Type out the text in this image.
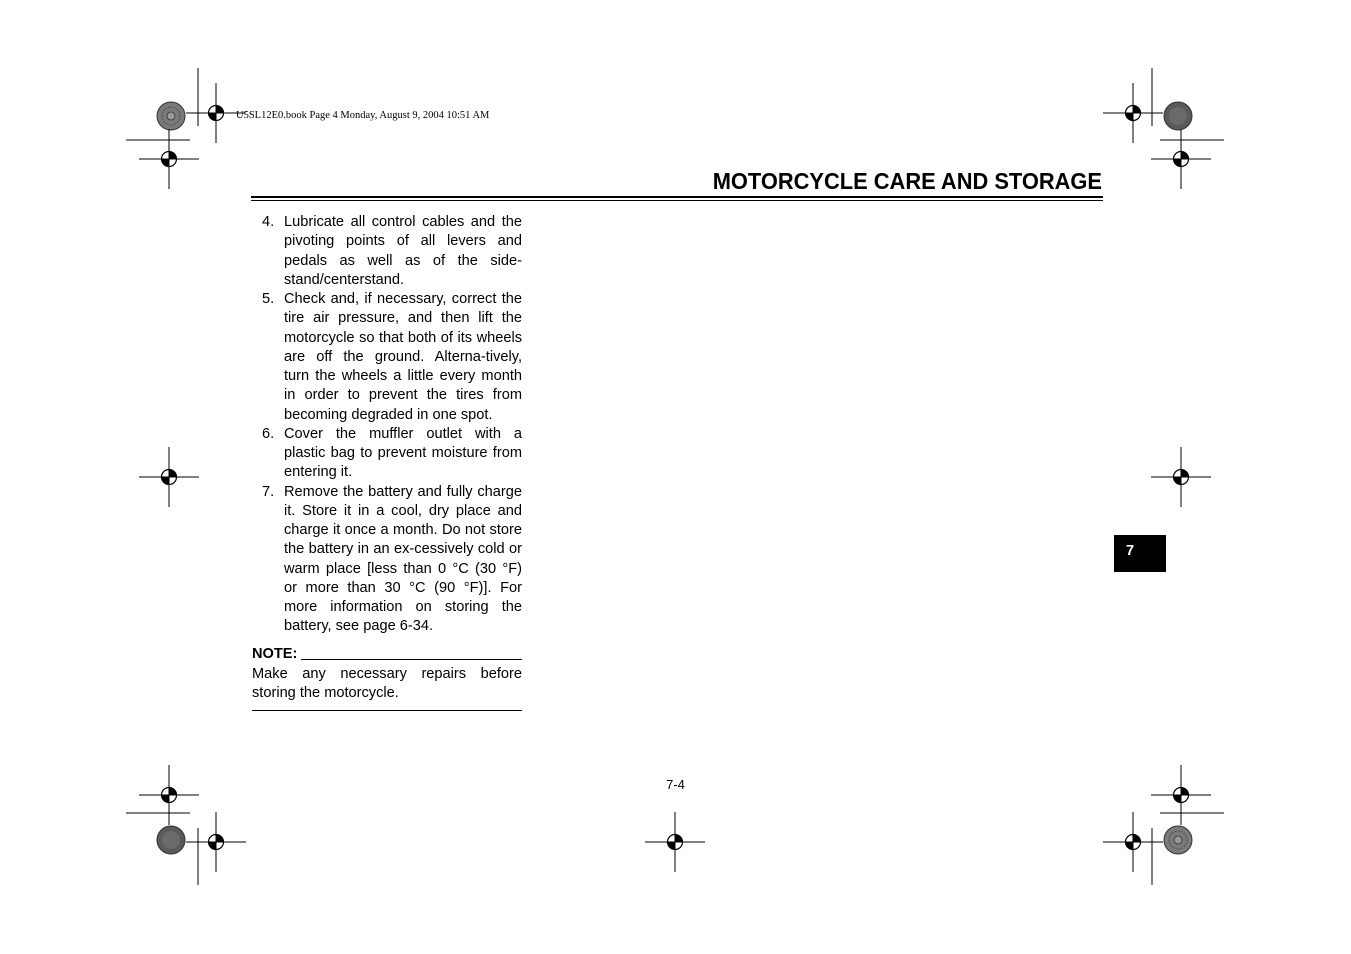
U5SL12E0.book Page 4 Monday, August 9, 2004 10:51 AM
MOTORCYCLE CARE AND STORAGE
4. Lubricate all control cables and the pivoting points of all levers and pedals as well as of the side-stand/centerstand.
5. Check and, if necessary, correct the tire air pressure, and then lift the motorcycle so that both of its wheels are off the ground. Alterna-tively, turn the wheels a little every month in order to prevent the tires from becoming degraded in one spot.
6. Cover the muffler outlet with a plastic bag to prevent moisture from entering it.
7. Remove the battery and fully charge it. Store it in a cool, dry place and charge it once a month. Do not store the battery in an ex-cessively cold or warm place [less than 0 °C (30 °F) or more than 30 °C (90 °F)]. For more information on storing the battery, see page 6-34.
NOTE:
Make any necessary repairs before storing the motorcycle.
7
7-4
